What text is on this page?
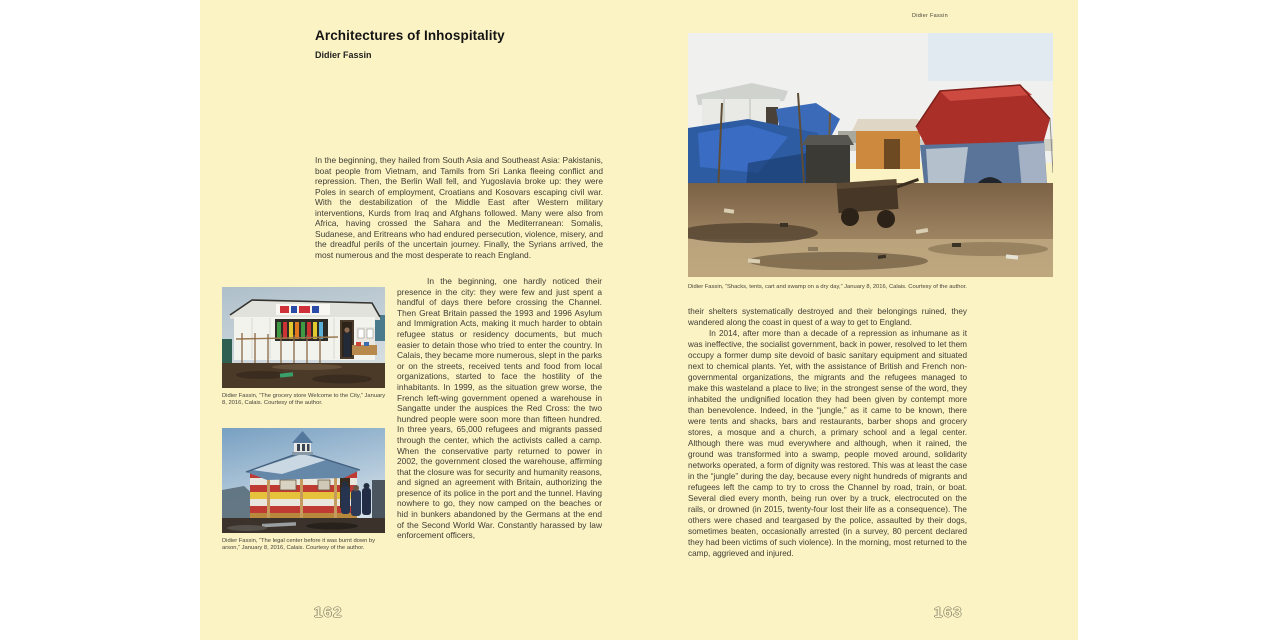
Architectures of Inhospitality
Didier Fassin
In the beginning, they hailed from South Asia and Southeast Asia: Pakistanis, boat people from Vietnam, and Tamils from Sri Lanka fleeing conflict and repression. Then, the Berlin Wall fell, and Yugoslavia broke up: they were Poles in search of employment, Croatians and Kosovars escaping civil war. With the destabilization of the Middle East after Western military interventions, Kurds from Iraq and Afghans followed. Many were also from Africa, having crossed the Sahara and the Mediterranean: Somalis, Sudanese, and Eritreans who had endured persecution, violence, misery, and the dreadful perils of the uncertain journey. Finally, the Syrians arrived, the most numerous and the most desperate to reach England.
In the beginning, one hardly noticed their presence in the city: they were few and just spent a handful of days there before crossing the Channel. Then Great Britain passed the 1993 and 1996 Asylum and Immigration Acts, making it much harder to obtain refugee status or residency documents, but much easier to detain those who tried to enter the country. In Calais, they became more numerous, slept in the parks or on the streets, received tents and food from local organizations, started to face the hostility of the inhabitants. In 1999, as the situation grew worse, the French left-wing government opened a warehouse in Sangatte under the auspices the Red Cross: the two hundred people were soon more than fifteen hundred. In three years, 65,000 refugees and migrants passed through the center, which the activists called a camp. When the conservative party returned to power in 2002, the government closed the warehouse, affirming that the closure was for security and humanity reasons, and signed an agreement with Britain, authorizing the presence of its police in the port and the tunnel. Having nowhere to go, they now camped on the beaches or hid in bunkers abandoned by the Germans at the end of the Second World War. Constantly harassed by law enforcement officers,
Didier Fassin, “The grocery store Welcome to the City,” January 8, 2016, Calais. Courtesy of the author.
Didier Fassin, “The legal center before it was burnt down by arson,” January 8, 2016, Calais. Courtesy of the author.
162
Didier Fassin
Didier Fassin, “Shacks, tents, cart and swamp on a dry day,” January 8, 2016, Calais. Courtesy of the author.
their shelters systematically destroyed and their belongings ruined, they wandered along the coast in quest of a way to get to England.
In 2014, after more than a decade of a repression as inhumane as it was ineffective, the socialist government, back in power, resolved to let them occupy a former dump site devoid of basic sanitary equipment and situated next to chemical plants. Yet, with the assistance of British and French non-governmental organizations, the migrants and the refugees managed to make this wasteland a place to live; in the strongest sense of the word, they inhabited the undignified location they had been given by contempt more than benevolence. Indeed, in the “jungle,” as it came to be known, there were tents and shacks, bars and restaurants, barber shops and grocery stores, a mosque and a church, a primary school and a legal center. Although there was mud everywhere and although, when it rained, the ground was transformed into a swamp, people moved around, solidarity networks operated, a form of dignity was restored. This was at least the case in the “jungle” during the day, because every night hundreds of migrants and refugees left the camp to try to cross the Channel by road, train, or boat. Several died every month, being run over by a truck, electrocuted on the rails, or drowned (in 2015, twenty-four lost their life as a consequence). The others were chased and teargased by the police, assaulted by their dogs, sometimes beaten, occasionally arrested (in a survey, 80 percent declared they had been victims of such violence). In the morning, most returned to the camp, aggrieved and injured.
163
